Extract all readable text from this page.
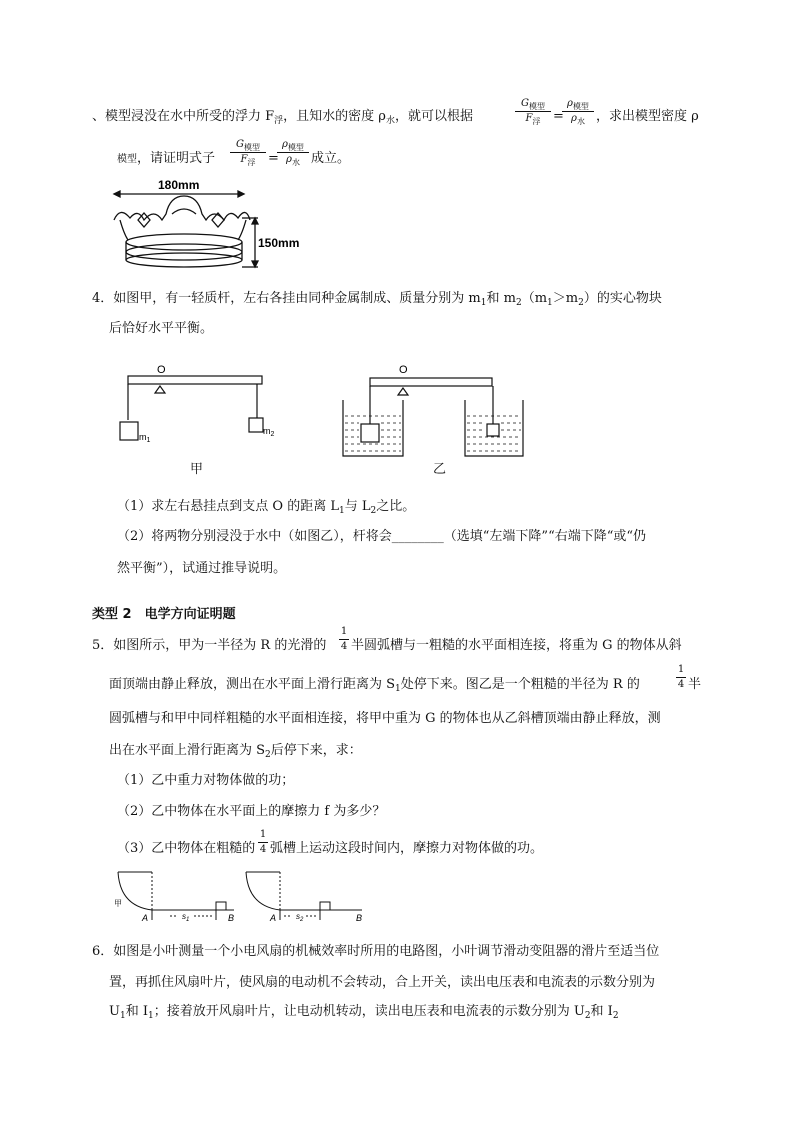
、模型浸没在水中所受的浮力 $F_浮$，且知水的密度 $\rho_水$，就可以根据
$G_{模型}$
$F_浮$ =
$\rho_{模型}$
$\rho_水$ ，求出模型密度 ρ
模型，请证明式子
$G_{模型}$
$F_浮$ =
$\rho_{模型}$
$\rho_水$ 成立。
180mm
150mm
4．如图甲，有一轻质杆，左右各挂由同种金属制成、质量分别为 $m_1$和 $m_2(m_1>m_2)$的实心物块
后恰好水平平衡。
O
$m_1$
$m_2$
甲
O
乙
（1）求左右悬挂点到支点 O 的距离 $L_1$与 $L_2$之比。
（2）将两物分别浸没于水中（如图乙），杆将会________（选填“左端下降”“右端下降“或“仍
然平衡”），试通过推导说明。
类型 2　电学方向证明题
5．如图所示，甲为一半径为 R 的光滑的
1
4 半圆弧槽与一粗糙的水平面相连接，将重为 G 的物体从斜
面顶端由静止释放，测出在水平面上滑行距离为 $S_1$处停下来。图乙是一个粗糙的半径为 R 的
1
4 半
圆弧槽与和甲中同样粗糙的水平面相连接，将甲中重为 G 的物体也从乙斜槽顶端由静止释放，测
出在水平面上滑行距离为 $S_2$后停下来，求：
（1）乙中重力对物体做的功；
（2）乙中物体在水平面上的摩擦力 f 为多少？
（3）乙中物体在粗糙的
1
4 弧槽上运动这段时间内，摩擦力对物体做的功。
甲
A	$s_1$	B	A $s_2$	B
6．如图是小叶测量一个小电风扇的机械效率时所用的电路图，小叶调节滑动变阻器的滑片至适当位
置，再抓住风扇叶片，使风扇的电动机不会转动，合上开关，读出电压表和电流表的示数分别为
$U_1$和 $I_1$；接着放开风扇叶片，让电动机转动，读出电压表和电流表的示数分别为 $U_2$和 $I_2$
